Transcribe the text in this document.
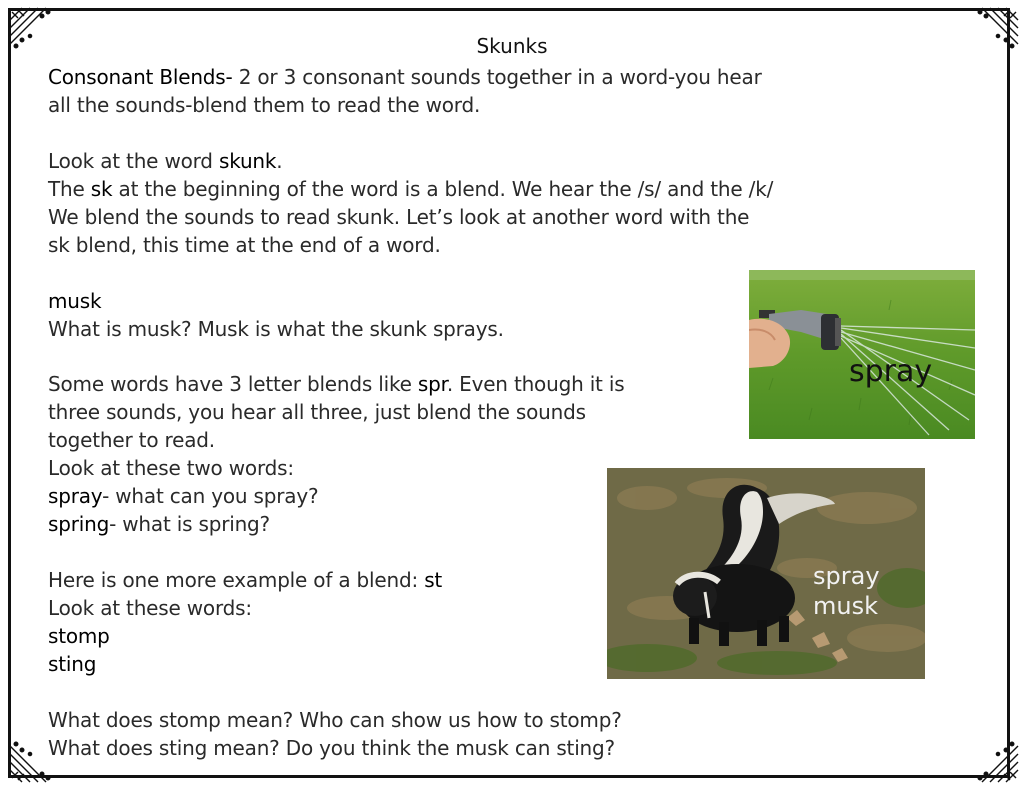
Skunks
Consonant Blends- 2 or 3 consonant sounds together in a word-you hear
all the sounds-blend them to read the word.
Look at the word skunk.
The sk at the beginning of the word is a blend. We hear the /s/ and the /k/
We blend the sounds to read skunk. Let’s look at another word with the
sk blend, this time at the end of a word.
musk
What is musk? Musk is what the skunk sprays.
Some words have 3 letter blends like spr. Even though it is
three sounds, you hear all three, just blend the sounds
together to read.
Look at these two words:
spray- what can you spray?
spring- what is spring?
Here is one more example of a blend: st
Look at these words:
stomp
sting
What does stomp mean? Who can show us how to stomp?
What does sting mean? Do you think the musk can sting?
spray
spray
musk
